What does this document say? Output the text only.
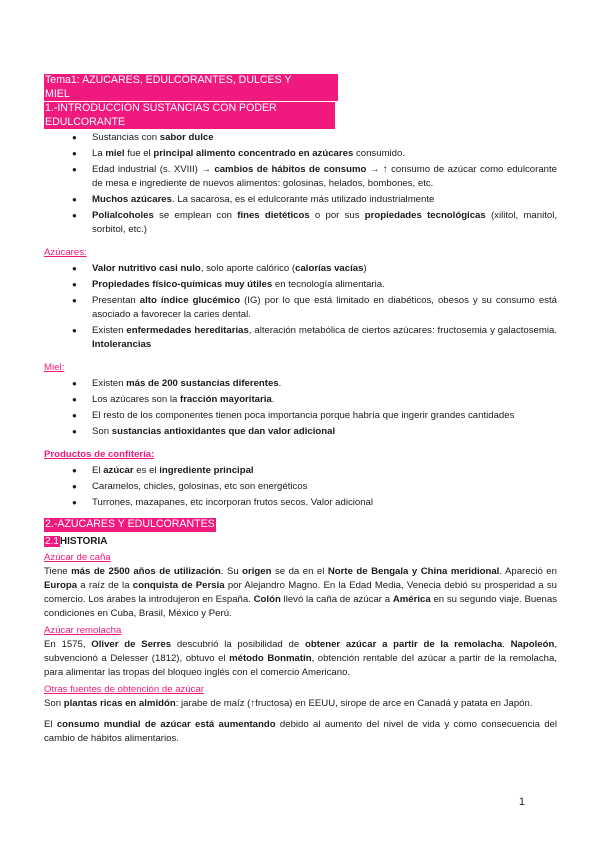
Tema1: AZÚCARES, EDULCORANTES, DULCES Y
MIEL
1.-INTRODUCCIÓN SUSTANCIAS CON PODER EDULCORANTE
● Sustancias con sabor dulce
● La miel fue el principal alimento concentrado en azúcares consumido.
● Edad industrial (s. XVIII) → cambios de hábitos de consumo → ↑ consumo de azúcar como edulcorante de mesa e ingrediente de nuevos alimentos: golosinas, helados, bombones, etc.
● Muchos azúcares. La sacarosa, es el edulcorante más utilizado industrialmente
● Polialcoholes se emplean con fines dietéticos o por sus propiedades tecnológicas (xilitol, manitol, sorbitol, etc.)
Azúcares:
● Valor nutritivo casi nulo, solo aporte calórico (calorías vacías)
● Propiedades físico-químicas muy útiles en tecnología alimentaria.
● Presentan alto índice glucémico (IG) por lo que está limitado en diabéticos, obesos y su consumo está asociado a favorecer la caries dental.
● Existen enfermedades hereditarias, alteración metabólica de ciertos azúcares: fructosemia y galactosemia. Intolerancias
Miel:
● Existen más de 200 sustancias diferentes.
● Los azúcares son la fracción mayoritaria.
● El resto de los componentes tienen poca importancia porque habría que ingerir grandes cantidades
● Son sustancias antioxidantes que dan valor adicional
Productos de confitería:
● El azúcar es el ingrediente principal
● Caramelos, chicles, golosinas, etc son energéticos
● Turrones, mazapanes, etc incorporan frutos secos. Valor adicional
2.-AZÚCARES Y EDULCORANTES
2.1HISTORIA
Azúcar de caña

Tiene más de 2500 años de utilización. Su origen se da en el Norte de Bengala y China meridional. Apareció en Europa a raíz de la conquista de Persia por Alejandro Magno. En la Edad Media, Venecia debió su prosperidad a su comercio. Los árabes la introdujeron en España. Colón llevó la caña de azúcar a América en su segundo viaje. Buenas condiciones en Cuba, Brasil, México y Perú.

Azúcar remolacha

En 1575, Oliver de Serres descubrió la posibilidad de obtener azúcar a partir de la remolacha. Napoleón, subvencionó a Delesser (1812), obtuvo el método Bonmatin, obtención rentable del azúcar a partir de la remolacha, para alimentar las tropas del bloqueo inglés con el comercio Americano.

Otras fuentes de obtención de azúcar

Son plantas ricas en almidón: jarabe de maíz (↑fructosa) en EEUU, sirope de arce en Canadá y patata en Japón.

El consumo mundial de azúcar está aumentando debido al aumento del nivel de vida y como consecuencia del cambio de hábitos alimentarios.

1
